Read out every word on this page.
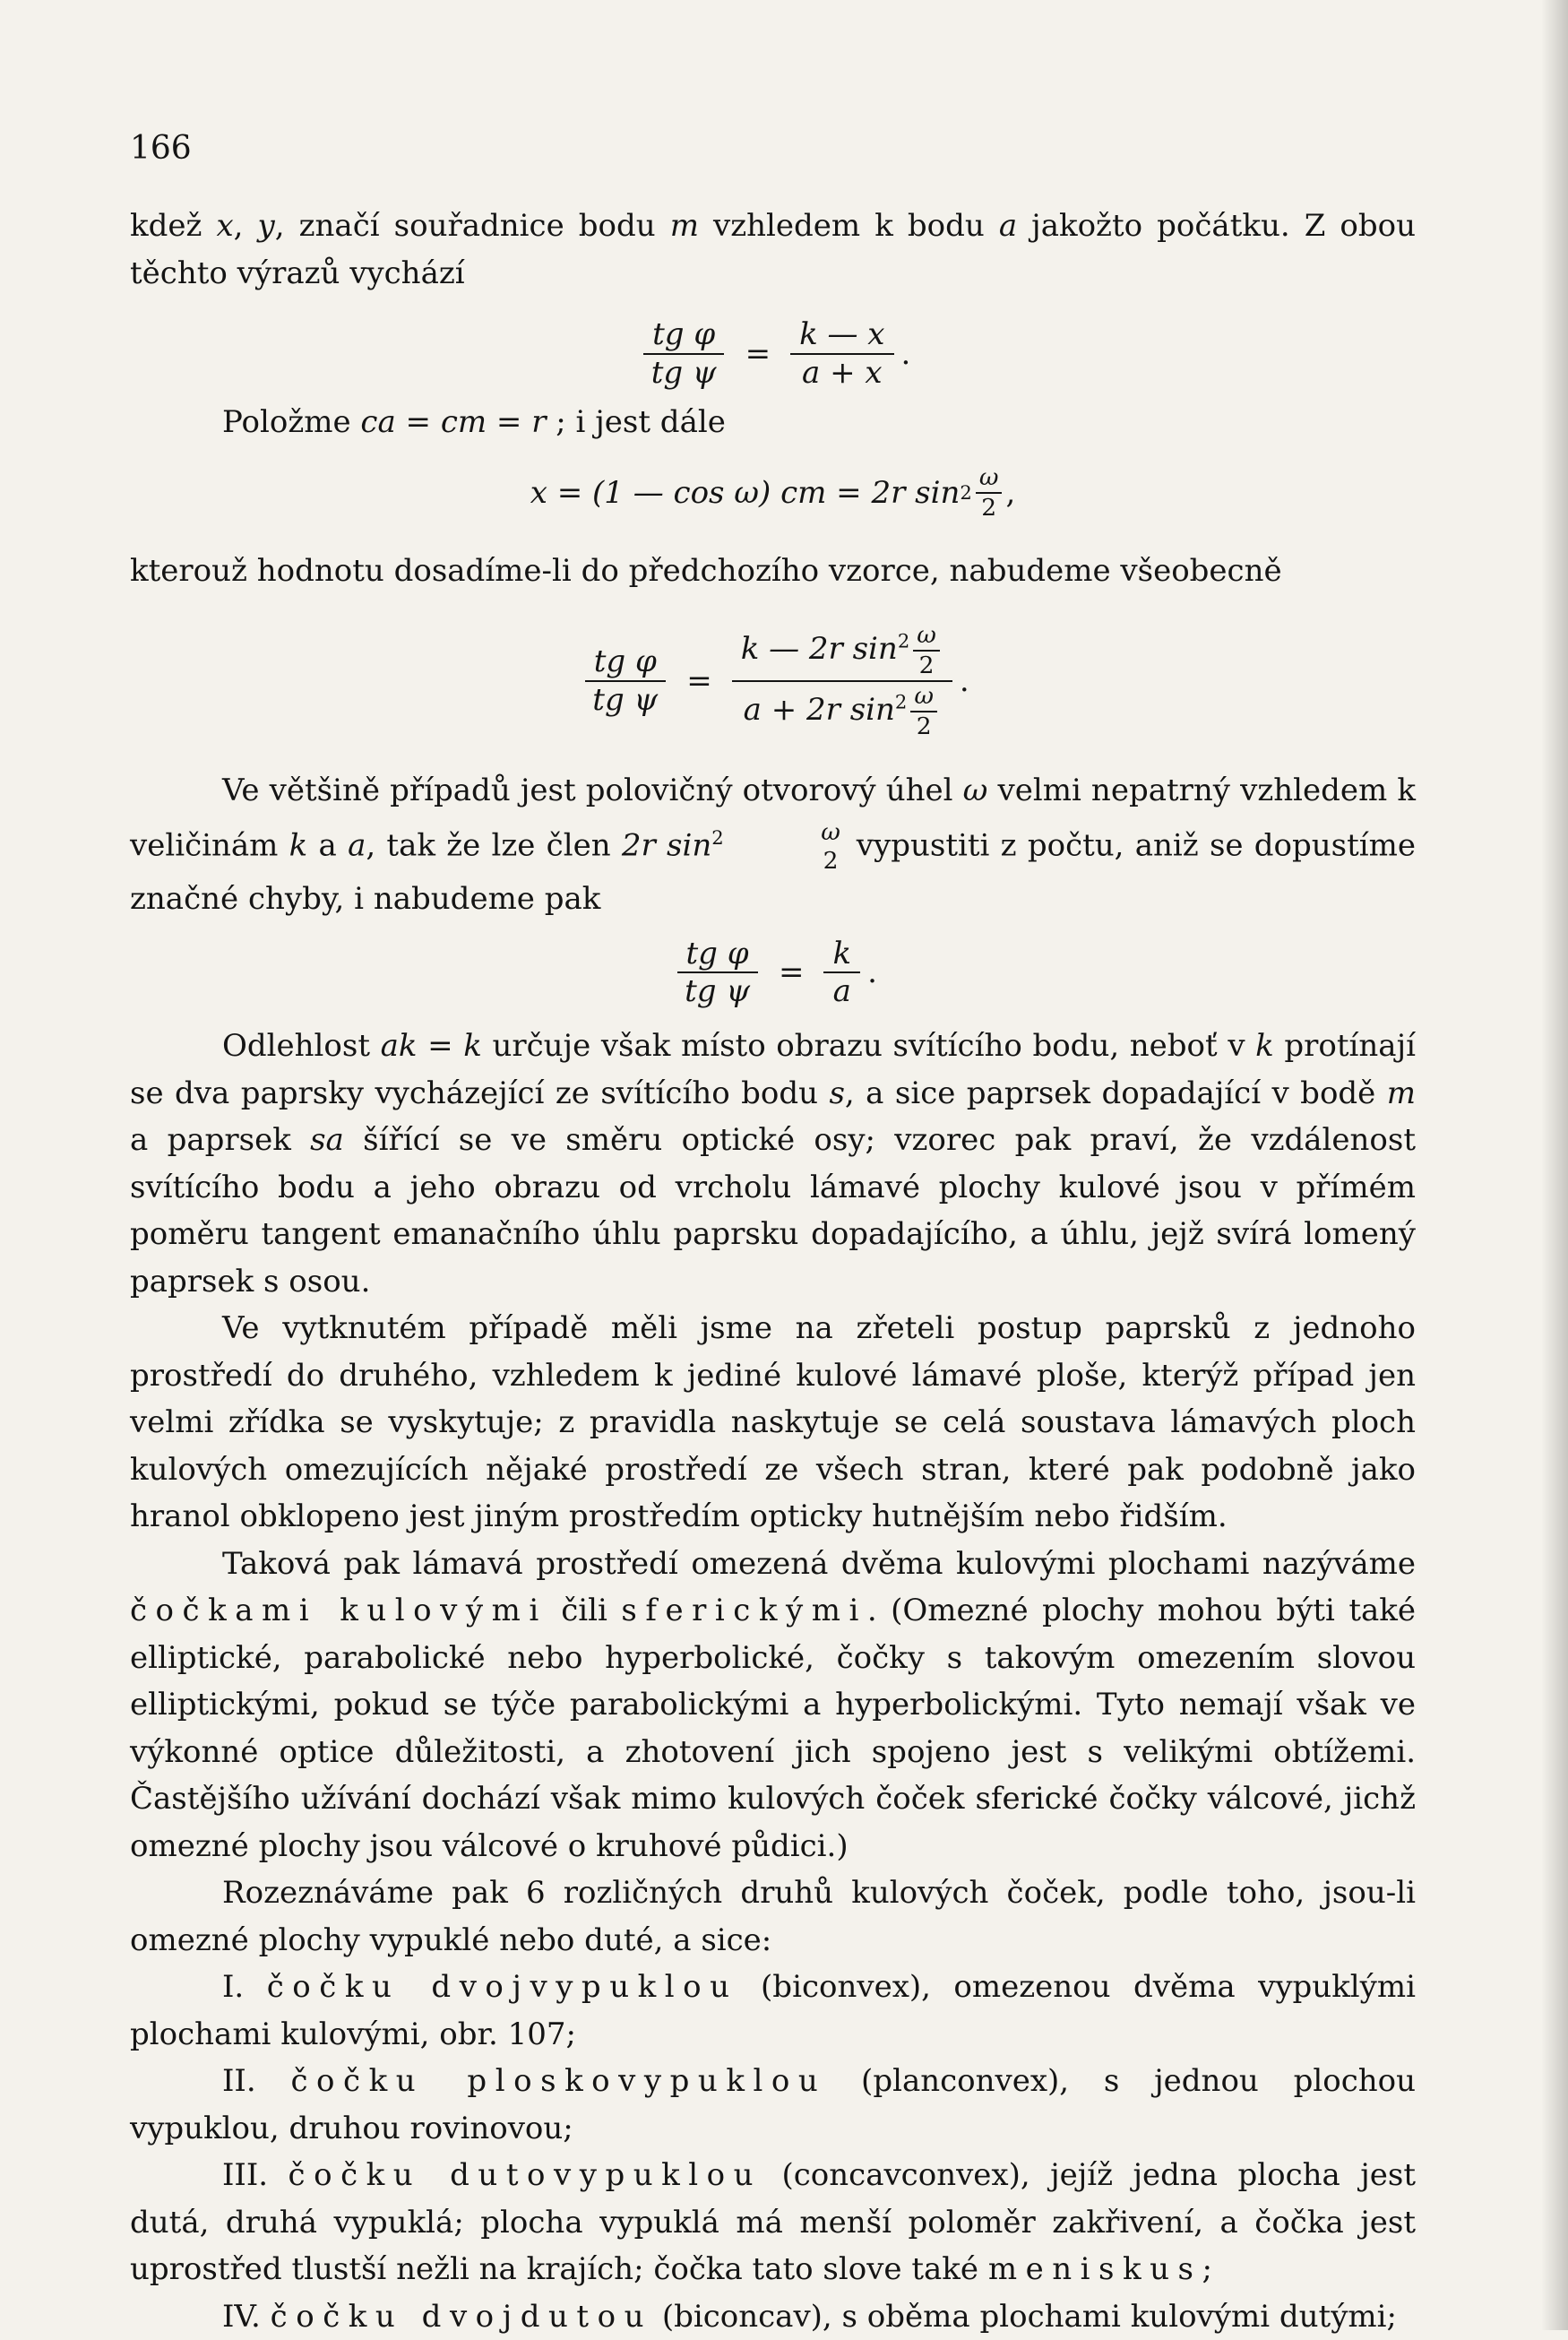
166

kdež x, y, značí souřadnice bodu m vzhledem k bodu a jakožto počátku. Z obou těchto výrazů vychází

$\frac{\text{tg φ}}{\text{tg ψ}} = \frac{k — x}{a + x}$ .

Položme ca = cm = r ; i jest dále

x = (1 — cos ω) cm = 2r $\sin 2 \frac{\omega}{2}$ ,

kterouž hodnotu dosadíme-li do předchozího vzorce, nabudeme všeobecně

$\frac{\text{tg φ}}{\text{tg ψ}} = \frac{k — 2r \sin^2 \frac{\omega}{2}}{a + 2r \sin^2 \frac{\omega}{2}}$ .

Ve většině případů jest polovičný otvorový úhel ω velmi nepatrný vzhledem k veličinám k a a, tak že lze člen 2r $\sin^2$	ω
2 vypustiti z počtu, aniž se dopustíme značné chyby, i nabudeme pak

$\frac{\text{tg φ}}{\text{tg ψ}} = \frac{k}{a}$ .

Odlehlost ak = k určuje však místo obrazu svítícího bodu, neboť v k protínají se dva paprsky vycházející ze svítícího bodu s, a sice paprsek dopadající v bodě m a paprsek sa šířící se ve směru optické osy; vzorec pak praví, že vzdálenost svítícího bodu a jeho obrazu od vrcholu lámavé plochy kulové jsou v přímém poměru tangent emanačního úhlu paprsku dopadajícího, a úhlu, jejž svírá lomený paprsek s osou.

Ve vytknutém případě měli jsme na zřeteli postup paprsků z jednoho prostředí do druhého, vzhledem k jediné kulové lámavé ploše, kterýž případ jen velmi zřídka se vyskytuje; z pravidla naskytuje se celá soustava lámavých ploch kulových omezujících nějaké prostředí ze všech stran, které pak podobně jako hranol obklopeno jest jiným prostředím opticky hutnějším nebo řidším.

Taková pak lámavá prostředí omezená dvěma kulovými plochami nazýváme čočkami kulovými čili sferickými. (Omezné plochy mohou býti také elliptické, parabolické nebo hyperbolické, čočky s takovým omezením slovou elliptickými, pokud se týče parabolickými a hyperbolickými. Tyto nemají však ve výkonné optice důležitosti, a zhotovení jich spojeno jest s velikými obtížemi. Častějšího užívání dochází však mimo kulových čoček sferické čočky válcové, jichž omezné plochy jsou válcové o kruhové půdici.)

Rozeznáváme pak 6 rozličných druhů kulových čoček, podle toho, jsou-li omezné plochy vypuklé nebo duté, a sice:

I. čočku dvojvypuklou (biconvex), omezenou dvěma vypuklými plochami kulovými, obr. 107;

II. čočku ploskovypuklou (planconvex), s jednou plochou vypuklou, druhou rovinovou;

III. čočku dutovypuklou (concavconvex), jejíž jedna plocha jest dutá, druhá vypuklá; plocha vypuklá má menší poloměr zakřivení, a čočka jest uprostřed tlustší nežli na krajích; čočka tato slove také meniskus;

IV. čočku dvojdutou (biconcav), s oběma plochami kulovými dutými;
